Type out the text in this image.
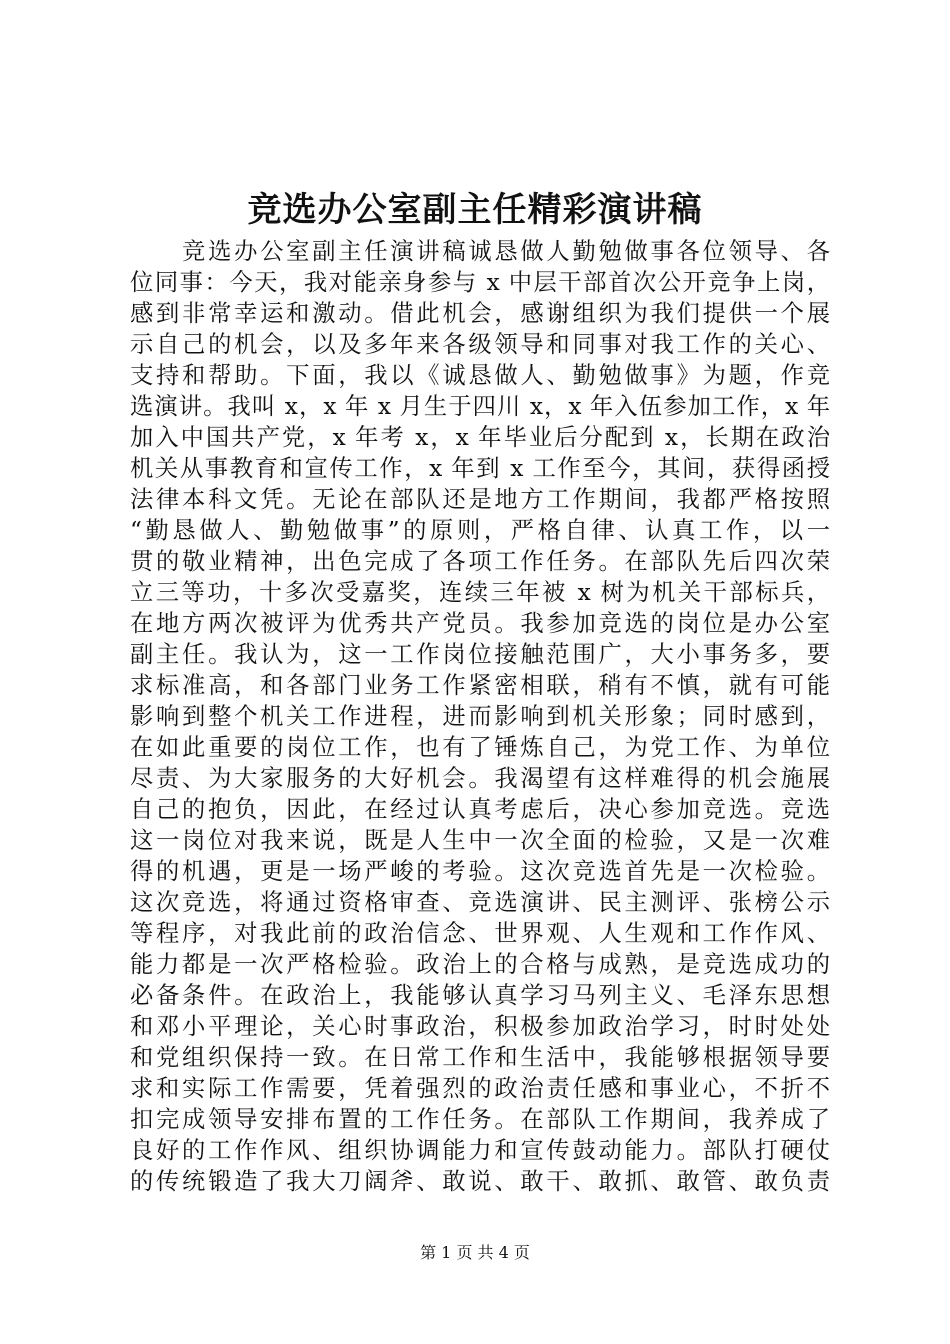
竞选办公室副主任精彩演讲稿
　　竞选办公室副主任演讲稿诚恳做人勤勉做事各位领导、各
位同事：今天，我对能亲身参与 x 中层干部首次公开竞争上岗，
感到非常幸运和激动。借此机会，感谢组织为我们提供一个展
示自己的机会，以及多年来各级领导和同事对我工作的关心、
支持和帮助。下面，我以《诚恳做人、勤勉做事》为题，作竞
选演讲。我叫 x，x 年 x 月生于四川 x，x 年入伍参加工作，x 年
加入中国共产党，x 年考 x，x 年毕业后分配到 x，长期在政治
机关从事教育和宣传工作，x 年到 x 工作至今，其间，获得函授
法律本科文凭。无论在部队还是地方工作期间，我都严格按照
“勤恳做人、勤勉做事”的原则，严格自律、认真工作，以一
贯的敬业精神，出色完成了各项工作任务。在部队先后四次荣
立三等功，十多次受嘉奖，连续三年被 x 树为机关干部标兵，
在地方两次被评为优秀共产党员。我参加竞选的岗位是办公室
副主任。我认为，这一工作岗位接触范围广，大小事务多，要
求标准高，和各部门业务工作紧密相联，稍有不慎，就有可能
影响到整个机关工作进程，进而影响到机关形象；同时感到，
在如此重要的岗位工作，也有了锤炼自己，为党工作、为单位
尽责、为大家服务的大好机会。我渴望有这样难得的机会施展
自己的抱负，因此，在经过认真考虑后，决心参加竞选。竞选
这一岗位对我来说，既是人生中一次全面的检验，又是一次难
得的机遇，更是一场严峻的考验。这次竞选首先是一次检验。
这次竞选，将通过资格审查、竞选演讲、民主测评、张榜公示
等程序，对我此前的政治信念、世界观、人生观和工作作风、
能力都是一次严格检验。政治上的合格与成熟，是竞选成功的
必备条件。在政治上，我能够认真学习马列主义、毛泽东思想
和邓小平理论，关心时事政治，积极参加政治学习，时时处处
和党组织保持一致。在日常工作和生活中，我能够根据领导要
求和实际工作需要，凭着强烈的政治责任感和事业心，不折不
扣完成领导安排布置的工作任务。在部队工作期间，我养成了
良好的工作作风、组织协调能力和宣传鼓动能力。部队打硬仗
的传统锻造了我大刀阔斧、敢说、敢干、敢抓、敢管、敢负责
第 1 页 共 4 页
